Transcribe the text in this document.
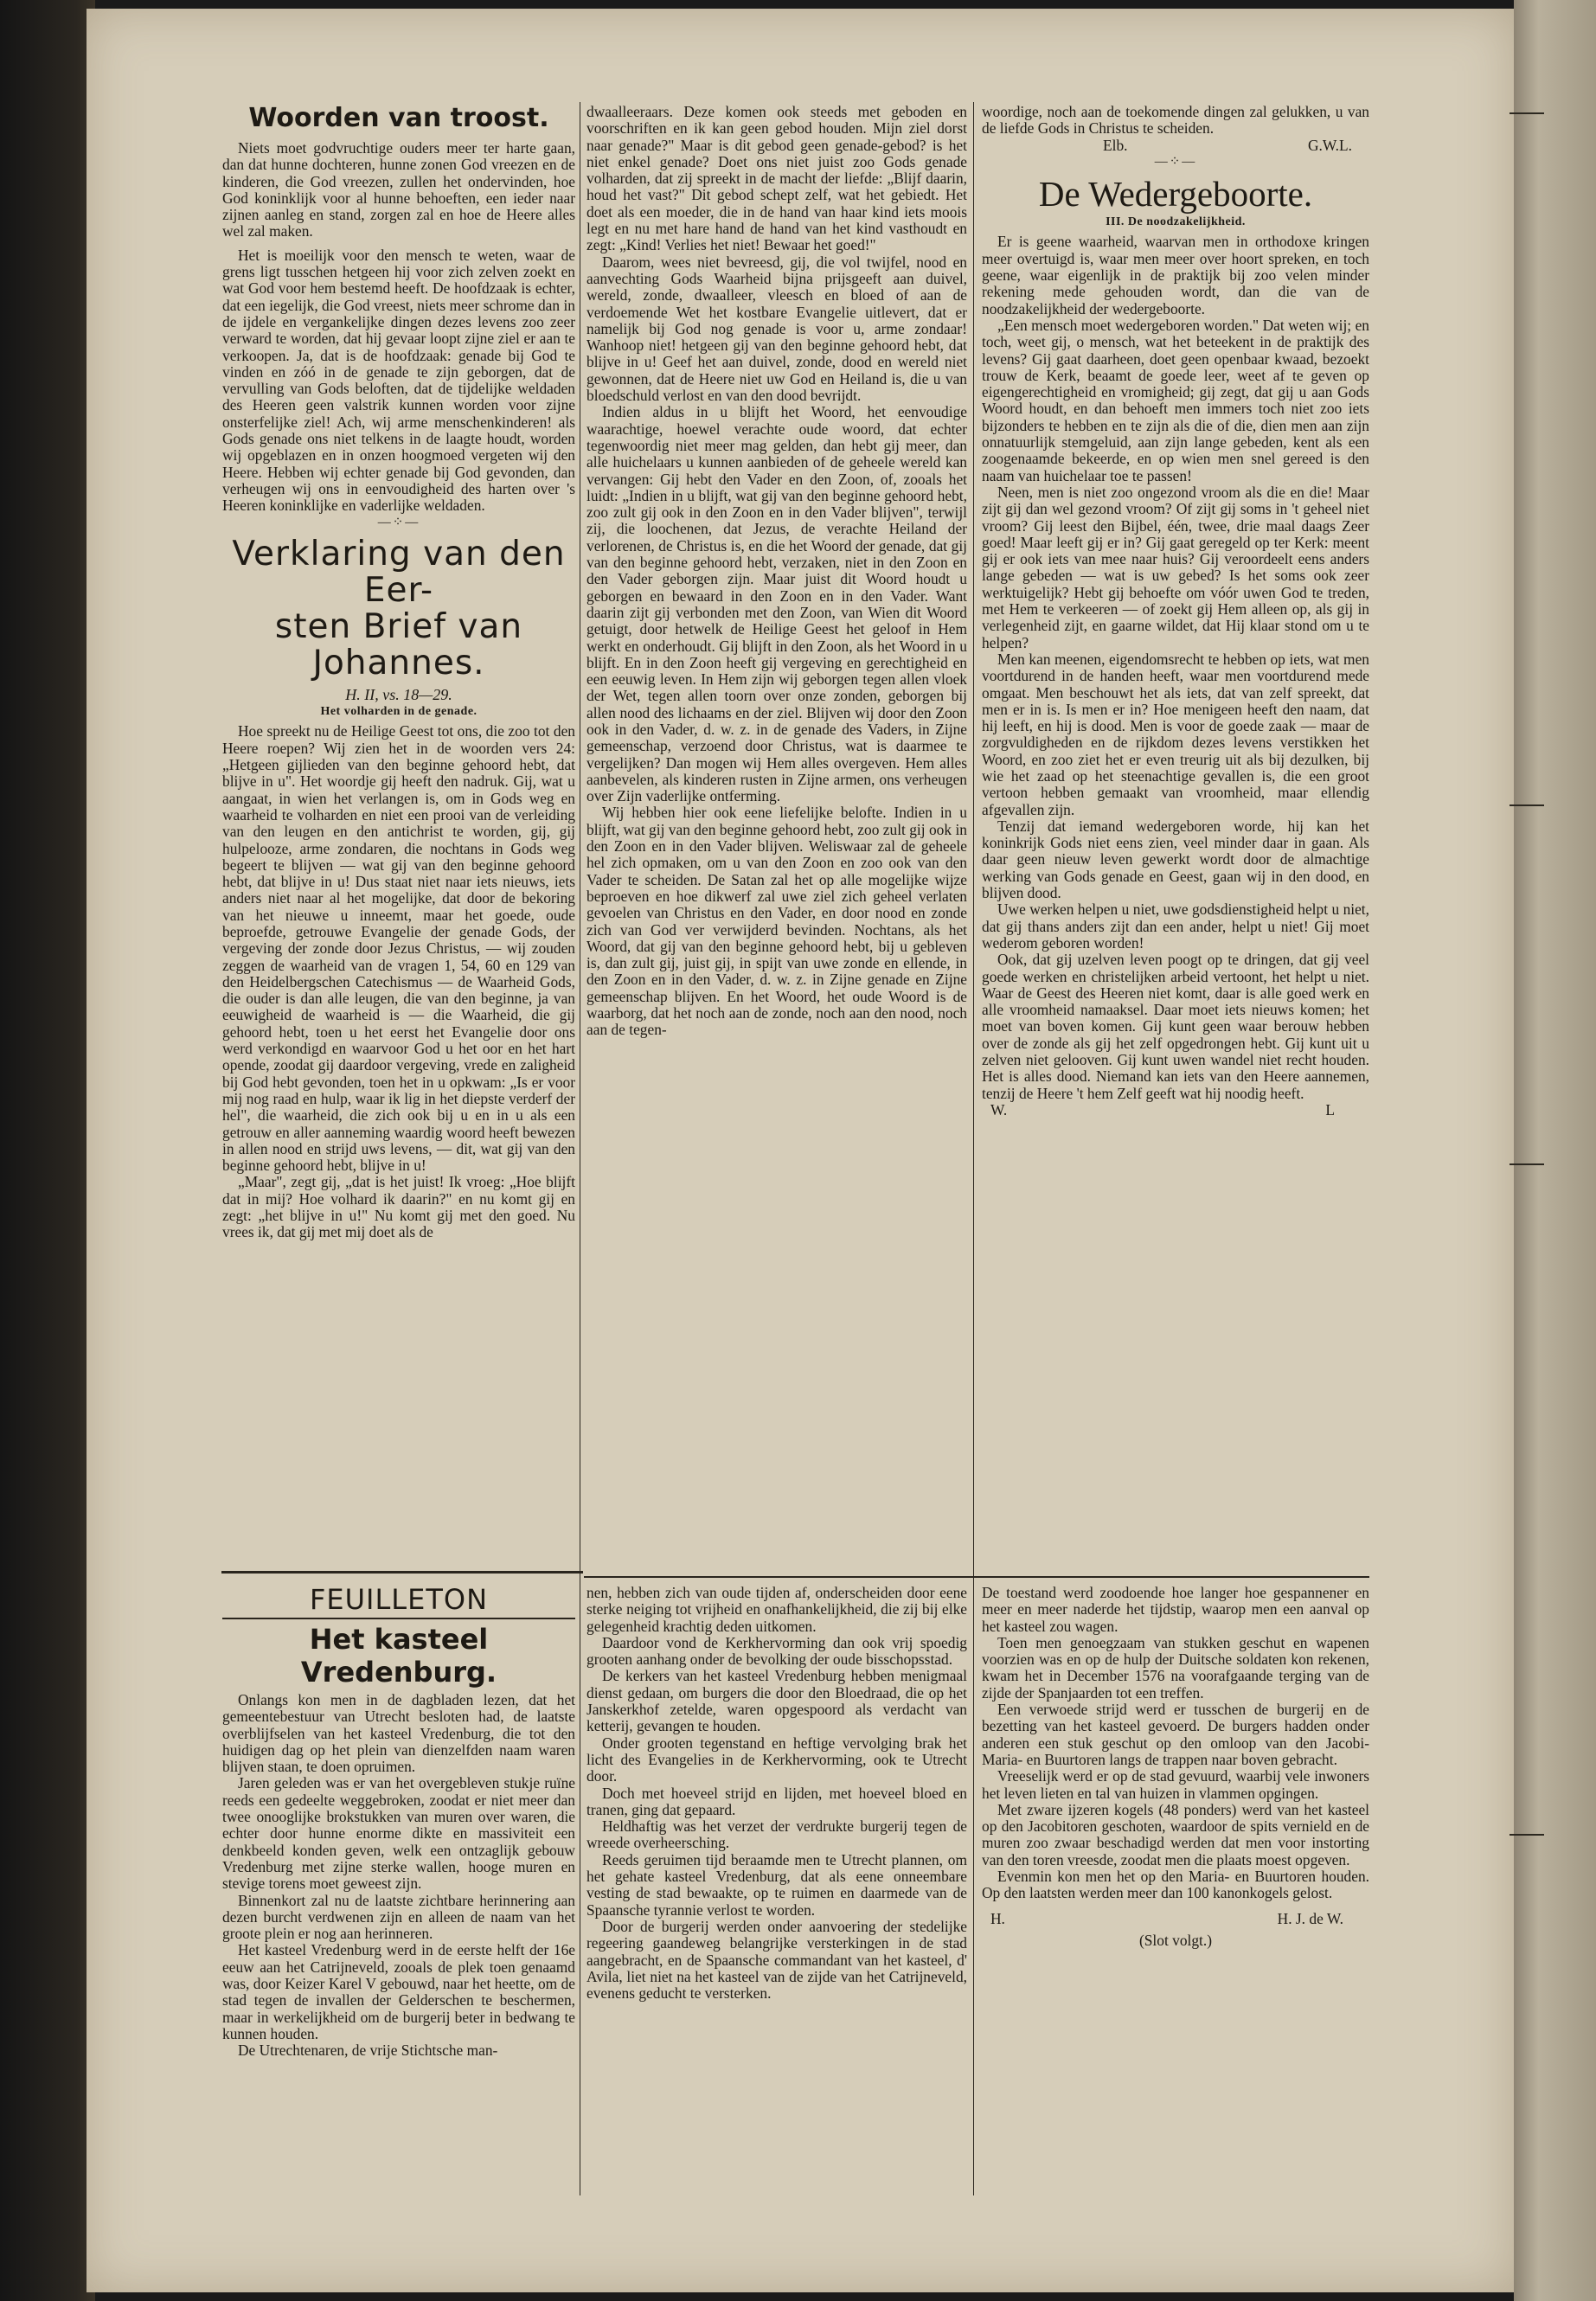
Woorden van troost.

Niets moet godvruchtige ouders meer ter harte gaan, dan dat hunne dochteren, hunne zonen God vreezen en de kinderen, die God vreezen, zullen het ondervinden, hoe God koninklijk voor al hunne behoeften, een ieder naar zijnen aanleg en stand, zorgen zal en hoe de Heere alles wel zal maken.

Het is moeilijk voor den mensch te weten, waar de grens ligt tusschen hetgeen hij voor zich zelven zoekt en wat God voor hem bestemd heeft. De hoofdzaak is echter, dat een iegelijk, die God vreest, niets meer schrome dan in de ijdele en vergankelijke dingen dezes levens zoo zeer verward te worden, dat hij gevaar loopt zijne ziel er aan te verkoopen. Ja, dat is de hoofdzaak: genade bij God te vinden en zóó in de genade te zijn geborgen, dat de vervulling van Gods beloften, dat de tijdelijke weldaden des Heeren geen valstrik kunnen worden voor zijne onsterfelijke ziel! Ach, wij arme menschenkinderen! als Gods genade ons niet telkens in de laagte houdt, worden wij opgeblazen en in onzen hoogmoed vergeten wij den Heere. Hebben wij echter genade bij God gevonden, dan verheugen wij ons in eenvoudigheid des harten over 's Heeren koninklijke en vaderlijke weldaden.

—⁘—
Verklaring van den Eer-
sten Brief van Johannes.
H. II, vs. 18—29.
Het volharden in de genade.

Hoe spreekt nu de Heilige Geest tot ons, die zoo tot den Heere roepen? Wij zien het in de woorden vers 24: „Hetgeen gijlieden van den beginne gehoord hebt, dat blijve in u". Het woordje gij heeft den nadruk. Gij, wat u aangaat, in wien het verlangen is, om in Gods weg en waarheid te volharden en niet een prooi van de verleiding van den leugen en den antichrist te worden, gij, gij hulpelooze, arme zondaren, die nochtans in Gods weg begeert te blijven — wat gij van den beginne gehoord hebt, dat blijve in u! Dus staat niet naar iets nieuws, iets anders niet naar al het mogelijke, dat door de bekoring van het nieuwe u inneemt, maar het goede, oude beproefde, getrouwe Evangelie der genade Gods, der vergeving der zonde door Jezus Christus, — wij zouden zeggen de waarheid van de vragen 1, 54, 60 en 129 van den Heidelbergschen Catechismus — de Waarheid Gods, die ouder is dan alle leugen, die van den beginne, ja van eeuwigheid de waarheid is — die Waarheid, die gij gehoord hebt, toen u het eerst het Evangelie door ons werd verkondigd en waarvoor God u het oor en het hart opende, zoodat gij daardoor vergeving, vrede en zaligheid bij God hebt gevonden, toen het in u opkwam: „Is er voor mij nog raad en hulp, waar ik lig in het diepste verderf der hel", die waarheid, die zich ook bij u en in u als een getrouw en aller aanneming waardig woord heeft bewezen in allen nood en strijd uws levens, — dit, wat gij van den beginne gehoord hebt, blijve in u!

„Maar", zegt gij, „dat is het juist! Ik vroeg: „Hoe blijft dat in mij? Hoe volhard ik daarin?" en nu komt gij en zegt: „het blijve in u!" Nu komt gij met den goed. Nu vrees ik, dat gij met mij doet als de

dwaalleeraars. Deze komen ook steeds met geboden en voorschriften en ik kan geen gebod houden. Mijn ziel dorst naar genade?" Maar is dit gebod geen genade-gebod? is het niet enkel genade? Doet ons niet juist zoo Gods genade volharden, dat zij spreekt in de macht der liefde: „Blijf daarin, houd het vast?" Dit gebod schept zelf, wat het gebiedt. Het doet als een moeder, die in de hand van haar kind iets moois legt en nu met hare hand de hand van het kind vasthoudt en zegt: „Kind! Verlies het niet! Bewaar het goed!"

Daarom, wees niet bevreesd, gij, die vol twijfel, nood en aanvechting Gods Waarheid bijna prijsgeeft aan duivel, wereld, zonde, dwaalleer, vleesch en bloed of aan de verdoemende Wet het kostbare Evangelie uitlevert, dat er namelijk bij God nog genade is voor u, arme zondaar! Wanhoop niet! hetgeen gij van den beginne gehoord hebt, dat blijve in u! Geef het aan duivel, zonde, dood en wereld niet gewonnen, dat de Heere niet uw God en Heiland is, die u van bloedschuld verlost en van den dood bevrijdt.

Indien aldus in u blijft het Woord, het eenvoudige waarachtige, hoewel verachte oude woord, dat echter tegenwoordig niet meer mag gelden, dan hebt gij meer, dan alle huichelaars u kunnen aanbieden of de geheele wereld kan vervangen: Gij hebt den Vader en den Zoon, of, zooals het luidt: „Indien in u blijft, wat gij van den beginne gehoord hebt, zoo zult gij ook in den Zoon en in den Vader blijven", terwijl zij, die loochenen, dat Jezus, de verachte Heiland der verlorenen, de Christus is, en die het Woord der genade, dat gij van den beginne gehoord hebt, verzaken, niet in den Zoon en den Vader geborgen zijn. Maar juist dit Woord houdt u geborgen en bewaard in den Zoon en in den Vader. Want daarin zijt gij verbonden met den Zoon, van Wien dit Woord getuigt, door hetwelk de Heilige Geest het geloof in Hem werkt en onderhoudt. Gij blijft in den Zoon, als het Woord in u blijft. En in den Zoon heeft gij vergeving en gerechtigheid en een eeuwig leven. In Hem zijn wij geborgen tegen allen vloek der Wet, tegen allen toorn over onze zonden, geborgen bij allen nood des lichaams en der ziel. Blijven wij door den Zoon ook in den Vader, d. w. z. in de genade des Vaders, in Zijne gemeenschap, verzoend door Christus, wat is daarmee te vergelijken? Dan mogen wij Hem alles overgeven. Hem alles aanbevelen, als kinderen rusten in Zijne armen, ons verheugen over Zijn vaderlijke ontferming.

Wij hebben hier ook eene liefelijke belofte. Indien in u blijft, wat gij van den beginne gehoord hebt, zoo zult gij ook in den Zoon en in den Vader blijven. Weliswaar zal de geheele hel zich opmaken, om u van den Zoon en zoo ook van den Vader te scheiden. De Satan zal het op alle mogelijke wijze beproeven en hoe dikwerf zal uwe ziel zich geheel verlaten gevoelen van Christus en den Vader, en door nood en zonde zich van God ver verwijderd bevinden. Nochtans, als het Woord, dat gij van den beginne gehoord hebt, bij u gebleven is, dan zult gij, juist gij, in spijt van uwe zonde en ellende, in den Zoon en in den Vader, d. w. z. in Zijne genade en Zijne gemeenschap blijven. En het Woord, het oude Woord is de waarborg, dat het noch aan de zonde, noch aan den nood, noch aan de tegen-

woordige, noch aan de toekomende dingen zal gelukken, u van de liefde Gods in Christus te scheiden.

Elb.	G.W.L.
—⁘—
De Wedergeboorte.
III. De noodzakelijkheid.

Er is geene waarheid, waarvan men in orthodoxe kringen meer overtuigd is, waar men meer over hoort spreken, en toch geene, waar eigenlijk in de praktijk bij zoo velen minder rekening mede gehouden wordt, dan die van de noodzakelijkheid der wedergeboorte.

„Een mensch moet wedergeboren worden." Dat weten wij; en toch, weet gij, o mensch, wat het beteekent in de praktijk des levens? Gij gaat daarheen, doet geen openbaar kwaad, bezoekt trouw de Kerk, beaamt de goede leer, weet af te geven op eigengerechtigheid en vromigheid; gij zegt, dat gij u aan Gods Woord houdt, en dan behoeft men immers toch niet zoo iets bijzonders te hebben en te zijn als die of die, dien men aan zijn onnatuurlijk stemgeluid, aan zijn lange gebeden, kent als een zoogenaamde bekeerde, en op wien men snel gereed is den naam van huichelaar toe te passen!

Neen, men is niet zoo ongezond vroom als die en die! Maar zijt gij dan wel gezond vroom? Of zijt gij soms in 't geheel niet vroom? Gij leest den Bijbel, één, twee, drie maal daags Zeer goed! Maar leeft gij er in? Gij gaat geregeld op ter Kerk: meent gij er ook iets van mee naar huis? Gij veroordeelt eens anders lange gebeden — wat is uw gebed? Is het soms ook zeer werktuigelijk? Hebt gij behoefte om vóór uwen God te treden, met Hem te verkeeren — of zoekt gij Hem alleen op, als gij in verlegenheid zijt, en gaarne wildet, dat Hij klaar stond om u te helpen?

Men kan meenen, eigendomsrecht te hebben op iets, wat men voortdurend in de handen heeft, waar men voortdurend mede omgaat. Men beschouwt het als iets, dat van zelf spreekt, dat men er in is. Is men er in? Hoe menigeen heeft den naam, dat hij leeft, en hij is dood. Men is voor de goede zaak — maar de zorgvuldigheden en de rijkdom dezes levens verstikken het Woord, en zoo ziet het er even treurig uit als bij dezulken, bij wie het zaad op het steenachtige gevallen is, die een groot vertoon hebben gemaakt van vroomheid, maar ellendig afgevallen zijn.

Tenzij dat iemand wedergeboren worde, hij kan het koninkrijk Gods niet eens zien, veel minder daar in gaan. Als daar geen nieuw leven gewerkt wordt door de almachtige werking van Gods genade en Geest, gaan wij in den dood, en blijven dood.

Uwe werken helpen u niet, uwe godsdienstigheid helpt u niet, dat gij thans anders zijt dan een ander, helpt u niet! Gij moet wederom geboren worden!

Ook, dat gij uzelven leven poogt op te dringen, dat gij veel goede werken en christelijken arbeid vertoont, het helpt u niet. Waar de Geest des Heeren niet komt, daar is alle goed werk en alle vroomheid namaaksel. Daar moet iets nieuws komen; het moet van boven komen. Gij kunt geen waar berouw hebben over de zonde als gij het zelf opgedrongen hebt. Gij kunt uit u zelven niet gelooven. Gij kunt uwen wandel niet recht houden. Het is alles dood. Niemand kan iets van den Heere aannemen, tenzij de Heere 't hem Zelf geeft wat hij noodig heeft.

W.	L
FEUILLETON
Het kasteel Vredenburg.

Onlangs kon men in de dagbladen lezen, dat het gemeentebestuur van Utrecht besloten had, de laatste overblijfselen van het kasteel Vredenburg, die tot den huidigen dag op het plein van dienzelfden naam waren blijven staan, te doen opruimen.

Jaren geleden was er van het overgebleven stukje ruïne reeds een gedeelte weggebroken, zoodat er niet meer dan twee onooglijke brokstukken van muren over waren, die echter door hunne enorme dikte en massiviteit een denkbeeld konden geven, welk een ontzaglijk gebouw Vredenburg met zijne sterke wallen, hooge muren en stevige torens moet geweest zijn.

Binnenkort zal nu de laatste zichtbare herinnering aan dezen burcht verdwenen zijn en alleen de naam van het groote plein er nog aan herinneren.

Het kasteel Vredenburg werd in de eerste helft der 16e eeuw aan het Catrijneveld, zooals de plek toen genaamd was, door Keizer Karel V gebouwd, naar het heette, om de stad tegen de invallen der Gelderschen te beschermen, maar in werkelijkheid om de burgerij beter in bedwang te kunnen houden.

De Utrechtenaren, de vrije Stichtsche man-

nen, hebben zich van oude tijden af, onderscheiden door eene sterke neiging tot vrijheid en onafhankelijkheid, die zij bij elke gelegenheid krachtig deden uitkomen.

Daardoor vond de Kerkhervorming dan ook vrij spoedig grooten aanhang onder de bevolking der oude bisschopsstad.

De kerkers van het kasteel Vredenburg hebben menigmaal dienst gedaan, om burgers die door den Bloedraad, die op het Janskerkhof zetelde, waren opgespoord als verdacht van ketterij, gevangen te houden.

Onder grooten tegenstand en heftige vervolging brak het licht des Evangelies in de Kerkhervorming, ook te Utrecht door.

Doch met hoeveel strijd en lijden, met hoeveel bloed en tranen, ging dat gepaard.

Heldhaftig was het verzet der verdrukte burgerij tegen de wreede overheersching.

Reeds geruimen tijd beraamde men te Utrecht plannen, om het gehate kasteel Vredenburg, dat als eene onneembare vesting de stad bewaakte, op te ruimen en daarmede van de Spaansche tyrannie verlost te worden.

Door de burgerij werden onder aanvoering der stedelijke regeering gaandeweg belangrijke versterkingen in de stad aangebracht, en de Spaansche commandant van het kasteel, d' Avila, liet niet na het kasteel van de zijde van het Catrijneveld, evenens geducht te versterken.

De toestand werd zoodoende hoe langer hoe gespannener en meer en meer naderde het tijdstip, waarop men een aanval op het kasteel zou wagen.

Toen men genoegzaam van stukken geschut en wapenen voorzien was en op de hulp der Duitsche soldaten kon rekenen, kwam het in December 1576 na voorafgaande terging van de zijde der Spanjaarden tot een treffen.

Een verwoede strijd werd er tusschen de burgerij en de bezetting van het kasteel gevoerd. De burgers hadden onder anderen een stuk geschut op den omloop van den Jacobi- Maria- en Buurtoren langs de trappen naar boven gebracht.

Vreeselijk werd er op de stad gevuurd, waarbij vele inwoners het leven lieten en tal van huizen in vlammen opgingen.

Met zware ijzeren kogels (48 ponders) werd van het kasteel op den Jacobitoren geschoten, waardoor de spits vernield en de muren zoo zwaar beschadigd werden dat men voor instorting van den toren vreesde, zoodat men die plaats moest opgeven.

Evenmin kon men het op den Maria- en Buurtoren houden. Op den laatsten werden meer dan 100 kanonkogels gelost.

H.	H. J. de W.
(Slot volgt.)
